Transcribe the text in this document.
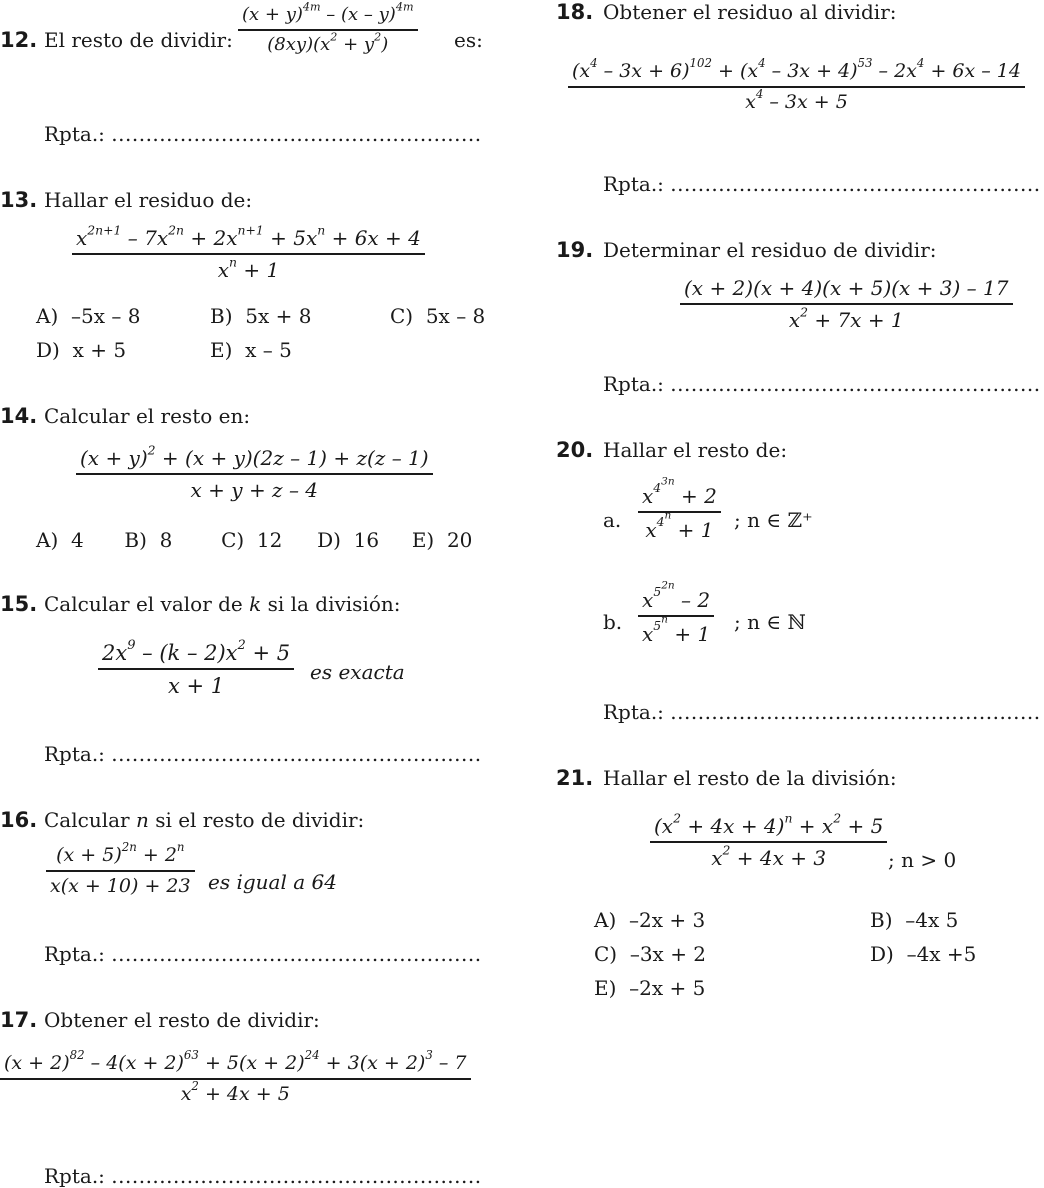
12. El resto de dividir: $\frac{(x + y)^{4m} - (x - y)^{4m}}{(8xy)(x^2 + y^2)}$ es:
Rpta.: ......................................................
13. Hallar el residuo de:
$\frac{x^{2n+1} - 7x^{2n} + 2x^{n+1} + 5x^n + 6x + 4}{x^n + 1}$
A) –5x – 8	B) 5x + 8	C) 5x – 8
D) x + 5	E) x – 5
14. Calcular el resto en:
$\frac{(x + y)^2 + (x + y)(2z - 1) + z(z - 1)}{x + y + z - 4}$
A) 4 B) 8 C) 12 D) 16 E) 20
15. Calcular el valor de k si la división:
$\frac{2x^9 - (k - 2)x^2 + 5}{x + 1}$ es exacta
Rpta.: ......................................................
16. Calcular n si el resto de dividir:
$\frac{(x + 5)^{2n} + 2^n}{x(x + 10) + 23}$ es igual a 64
Rpta.: ......................................................
17. Obtener el resto de dividir:
$\frac{(x + 2)^{82} - 4(x + 2)^{63} + 5(x + 2)^{24} + 3(x + 2)^3 - 7}{x^2 + 4x + 5}$
Rpta.: ......................................................
18. Obtener el residuo al dividir:
$\frac{(x^4 - 3x + 6)^{102} + (x^4 - 3x + 4)^{53} - 2x^4 + 6x - 14}{x^4 - 3x + 5}$
Rpta.: ......................................................
19. Determinar el residuo de dividir:
$\frac{(x + 2)(x + 4)(x + 5)(x + 3) - 17}{x^2 + 7x + 1}$
Rpta.: ......................................................
20. Hallar el resto de:
a. $\frac{x^{4^{3n}} + 2}{x^{4^n} + 1}$ ; n ∈ ℤ⁺
b. $\frac{x^{5^{2n}} - 2}{x^{5^n} + 1}$ ; n ∈ ℕ
Rpta.: ......................................................
21. Hallar el resto de la división:
$\frac{(x^2 + 4x + 4)^n + x^2 + 5}{x^2 + 4x + 3}$ ; n > 0
A) –2x + 3	B) –4x 5
C) –3x + 2	D) –4x +5
E) –2x + 5
